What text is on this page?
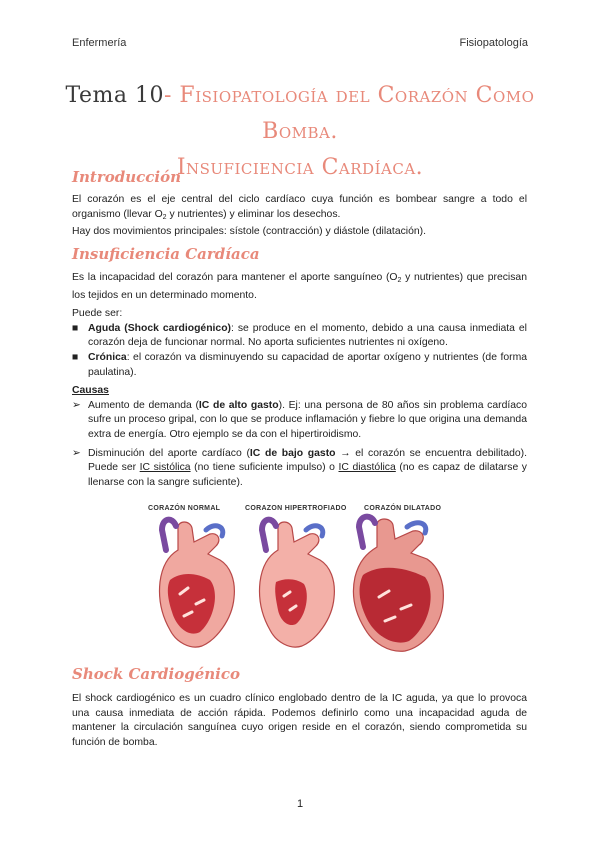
Enfermería	Fisiopatología
Tema 10- Fisiopatología del Corazón Como Bomba.
Insuficiencia Cardíaca.
Introducción

El corazón es el eje central del ciclo cardíaco cuya función es bombear sangre a todo el organismo (llevar $O_2$ y nutrientes) y eliminar los desechos.

Hay dos movimientos principales: sístole (contracción) y diástole (dilatación).

Insuficiencia Cardíaca

Es la incapacidad del corazón para mantener el aporte sanguíneo ($O_2$ y nutrientes) que precisan los tejidos en un determinado momento.

Puede ser:

■ Aguda (Shock cardiogénico): se produce en el momento, debido a una causa inmediata el corazón deja de funcionar normal. No aporta suficientes nutrientes ni oxígeno.

■ Crónica: el corazón va disminuyendo su capacidad de aportar oxígeno y nutrientes (de forma paulatina).

Causas

➢ Aumento de demanda (IC de alto gasto). Ej: una persona de 80 años sin problema cardíaco sufre un proceso gripal, con lo que se produce inflamación y fiebre lo que origina una demanda extra de energía. Otro ejemplo se da con el hipertiroidismo.

➢ Disminución del aporte cardíaco (IC de bajo gasto → el corazón se encuentra debilitado). Puede ser IC sistólica (no tiene suficiente impulso) o IC diastólica (no es capaz de dilatarse y llenarse con la sangre suficiente).

CORAZÓN NORMAL	CORAZON HIPERTROFIADO CORAZÓN DILATADO
Shock Cardiogénico

El shock cardiogénico es un cuadro clínico englobado dentro de la IC aguda, ya que lo provoca una causa inmediata de acción rápida. Podemos definirlo como una incapacidad aguda de mantener la circulación sanguínea cuyo origen reside en el corazón, siendo comprometida su función de bomba.

1
